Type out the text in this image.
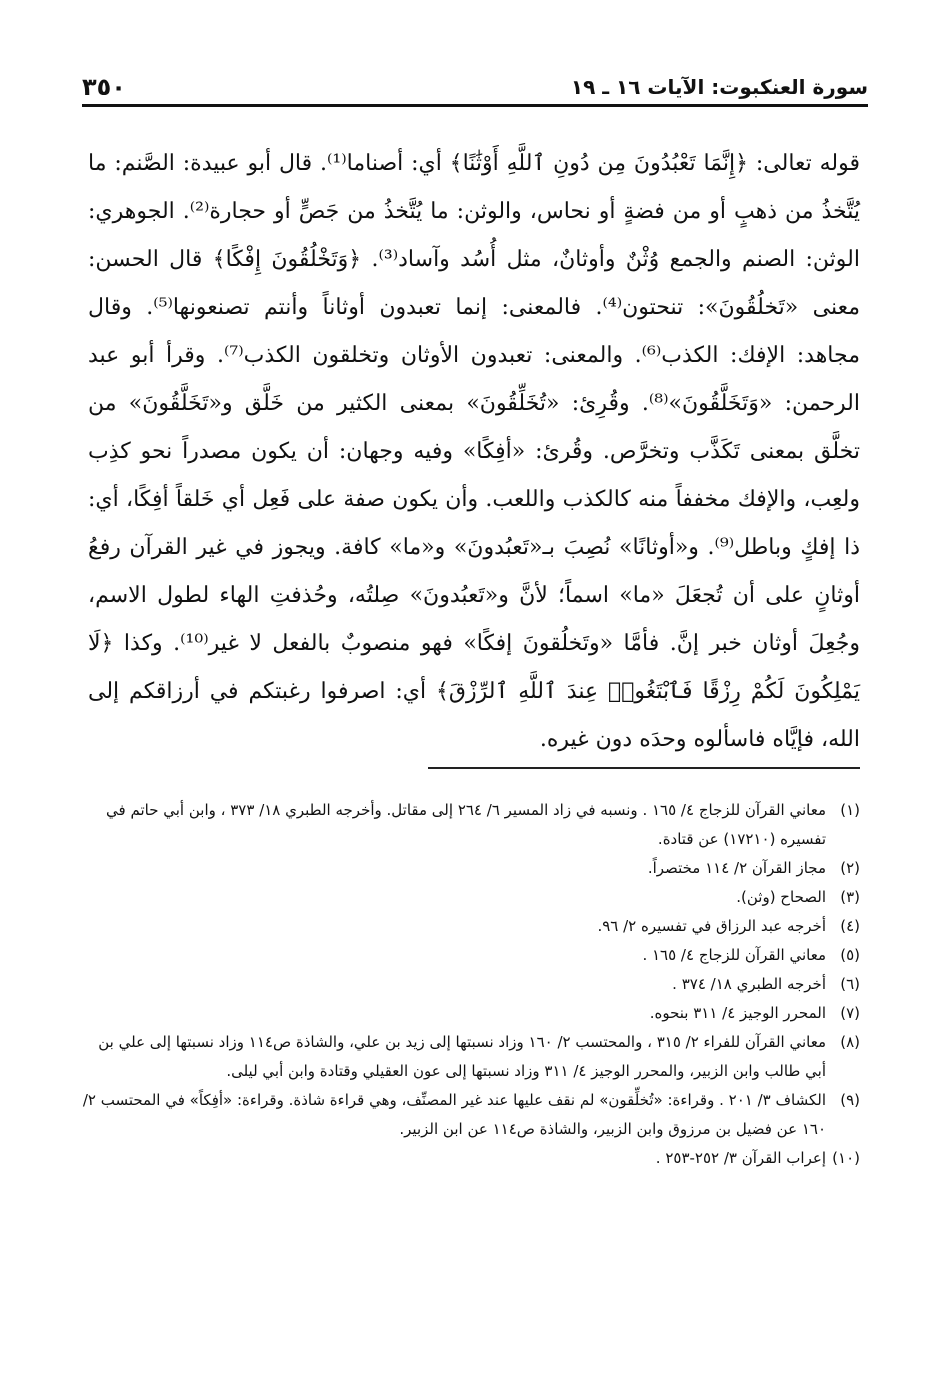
٣٥٠	سورة العنكبوت: الآيات ١٦ ـ ١٩

قوله تعالى: ﴿إِنَّمَا تَعْبُدُونَ مِن دُونِ ٱللَّهِ أَوْثَٰنًا﴾ أي: أصناما⁽¹⁾. قال أبو عبيدة: الصَّنم: ما يُتَّخذُ من ذهبٍ أو من فضةٍ أو نحاس، والوثن: ما يُتَّخذُ من جَصٍّ أو حجارة⁽²⁾. الجوهري: الوثن: الصنم والجمع وُثْنٌ وأوثانٌ، مثل أُسُد وآساد⁽³⁾. ﴿وَتَخْلُقُونَ إِفْكًا﴾ قال الحسن: معنى «تَخلُقُونَ»: تنحتون⁽⁴⁾. فالمعنى: إنما تعبدون أوثاناً وأنتم تصنعونها⁽⁵⁾. وقال مجاهد: الإفك: الكذب⁽⁶⁾. والمعنى: تعبدون الأوثان وتخلقون الكذب⁽⁷⁾. وقرأ أبو عبد الرحمن: «وَتَخَلَّقُونَ»⁽⁸⁾. وقُرِئ: «تُخَلِّقُونَ» بمعنى الكثير من خَلَّق و«تَخَلَّقُونَ» من تخلَّق بمعنى تَكَذَّب وتخرَّص. وقُرئ: «أفِكًا» وفيه وجهان: أن يكون مصدراً نحو كذِب ولعِب، والإفك مخففاً منه كالكذب واللعب. وأن يكون صفة على فَعِل أي خَلقاً أفِكًا، أي: ذا إفكٍ وباطل⁽⁹⁾. و«أوثانًا» نُصِبَ بـ«تَعبُدونَ» و«ما» كافة. ويجوز في غير القرآن رفعُ أوثانٍ على أن تُجعَلَ «ما» اسماً؛ لأنَّ و«تَعبُدونَ» صِلتُه، وحُذفتِ الهاء لطول الاسم، وجُعِلَ أوثان خبر إنَّ. فأمَّا «وتَخلُقونَ إفكًا» فهو منصوبٌ بالفعل لا غير⁽¹⁰⁾. وكذا ﴿لَا يَمْلِكُونَ لَكُمْ رِزْقًا فَٱبْتَغُوا۟ عِندَ ٱللَّهِ ٱلرِّزْقَ﴾ أي: اصرفوا رغبتكم في أرزاقكم إلى الله، فإيَّاه فاسألوه وحدَه دون غيره.

(١)
معاني القرآن للزجاج ٤/ ١٦٥ . ونسبه في زاد المسير ٦/ ٢٦٤ إلى مقاتل. وأخرجه الطبري ١٨/ ٣٧٣ ، وابن أبي حاتم في تفسيره (١٧٢١٠) عن قتادة.
(٢)
مجاز القرآن ٢/ ١١٤ مختصراً.
(٣)
الصحاح (وثن).
(٤)
أخرجه عبد الرزاق في تفسيره ٢/ ٩٦.
(٥)
معاني القرآن للزجاج ٤/ ١٦٥ .
(٦)
أخرجه الطبري ١٨/ ٣٧٤ .
(٧)
المحرر الوجيز ٤/ ٣١١ بنحوه.
(٨)
معاني القرآن للفراء ٢/ ٣١٥ ، والمحتسب ٢/ ١٦٠ وزاد نسبتها إلى زيد بن علي، والشاذة ص١١٤ وزاد نسبتها إلى علي بن أبي طالب وابن الزبير، والمحرر الوجيز ٤/ ٣١١ وزاد نسبتها إلى عون العقيلي وقتادة وابن أبي ليلى.
(٩)
الكشاف ٣/ ٢٠١ . وقراءة: «تُخلِّقون» لم نقف عليها عند غير المصنِّف، وهي قراءة شاذة. وقراءة: «أفِكاً» في المحتسب ٢/ ١٦٠ عن فضيل بن مرزوق وابن الزبير، والشاذة ص١١٤ عن ابن الزبير.
(١٠)
إعراب القرآن ٣/ ٢٥٢-٢٥٣ .
